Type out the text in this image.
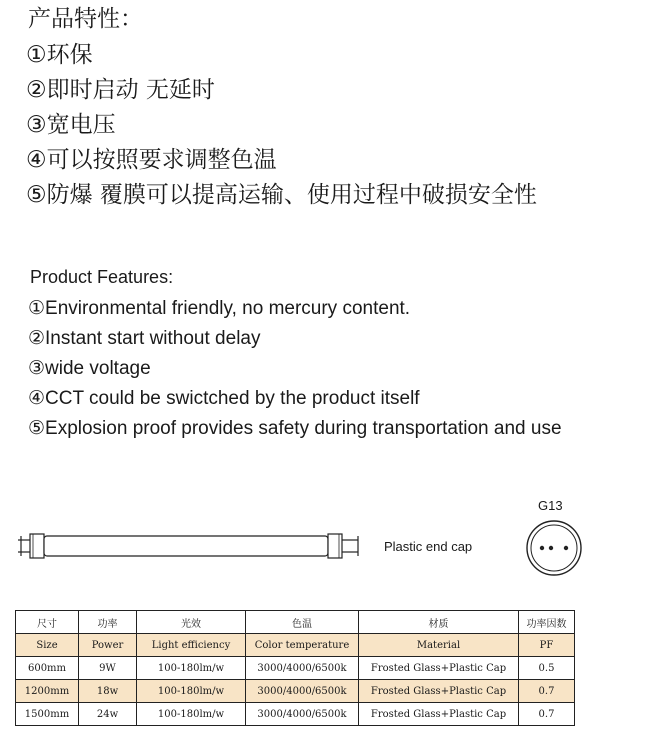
产品特性：
①环保
②即时启动 无延时
③宽电压
④可以按照要求调整色温
⑤防爆 覆膜可以提高运输、使用过程中破损安全性
Product Features:
①Environmental friendly, no mercury content.
②Instant start without delay
③wide voltage
④CCT could be swictched by the product itself
⑤Explosion proof provides safety during transportation and use
Plastic end cap
G13
尺寸	功率	光效	色温	材质	功率因数
Size	Power	Light efficiency	Color temperature	Material	PF
600mm	9W	100-180lm/w	3000/4000/6500k	Frosted Glass+Plastic Cap	0.5
1200mm	18w	100-180lm/w	3000/4000/6500k	Frosted Glass+Plastic Cap	0.7
1500mm	24w	100-180lm/w	3000/4000/6500k	Frosted Glass+Plastic Cap	0.7
